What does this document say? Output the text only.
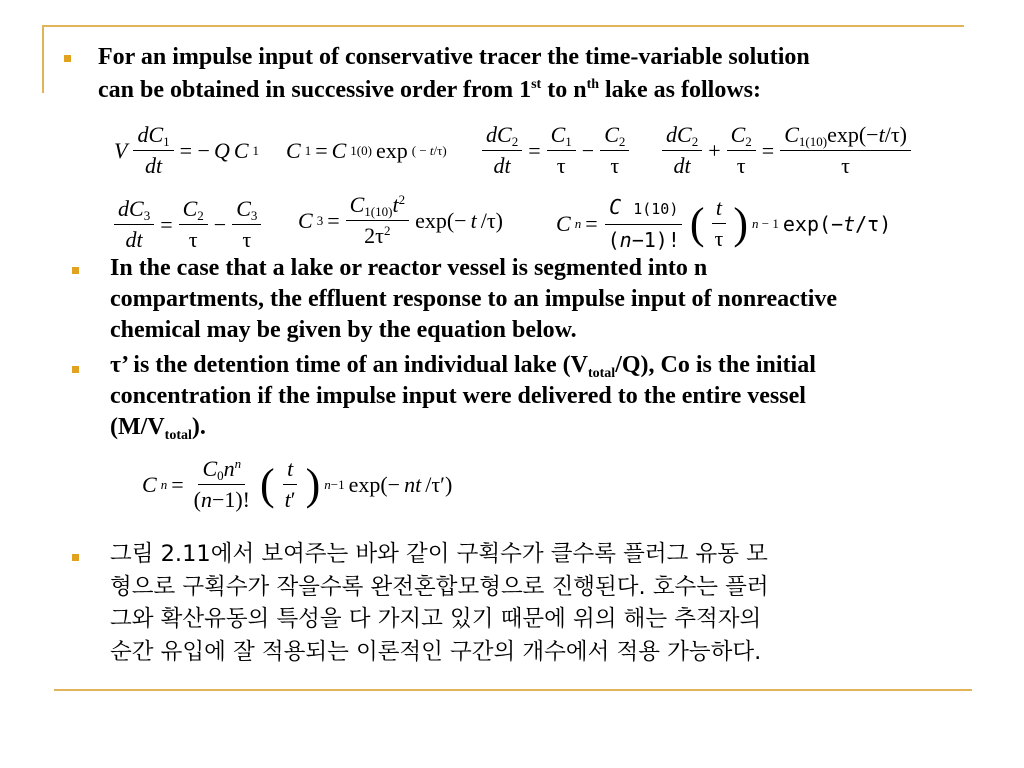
For an impulse input of conservative tracer the time-variable solution
can be obtained in successive order from 1st to $n^{th}$ lake as follows:
V $\frac{dC_1}{dt}$ = − Q C 1 C 1 = C 1(0) exp ( − $t/\tau) \frac{dC_2}{dt} = \frac{C_1}{\tau} - \frac{C_2}{\tau} \frac{dC_2}{dt} + \frac{C_2}{\tau} = \frac{C_{1(10)}\exp(-t/\tau)}{\tau}$
$\frac{dC_3}{dt} = \frac{C_2}{\tau} - \frac{C_3}{\tau}$ C $3 = \frac{C_{1(10)}t^2}{2\tau^2} \exp(- t$ /τ) C $n = \frac{C 1(10)}{(n-1)!}$ ( $\frac{t}{\tau}$ ) n − 1 exp(−t/τ)
In the case that a lake or reactor vessel is segmented into n
compartments, the effluent response to an impulse input of nonreactive
chemical may be given by the equation below.
τ’ is the detention time of an individual lake $(V_{total}/Q)$, Co is the initial
concentration if the impulse input were delivered to the entire vessel
$(M/V_{total})$.
C $n = \frac{C_0n^n}{(n-1)!}$ ( $\frac{t}{t'}$ ) n−1 exp(− nt /τ′)
그림 2.11에서 보여주는 바와 같이 구획수가 클수록 플러그 유동 모
형으로 구획수가 작을수록 완전혼합모형으로 진행된다. 호수는 플러
그와 확산유동의 특성을 다 가지고 있기 때문에 위의 해는 추적자의
순간 유입에 잘 적용되는 이론적인 구간의 개수에서 적용 가능하다.
